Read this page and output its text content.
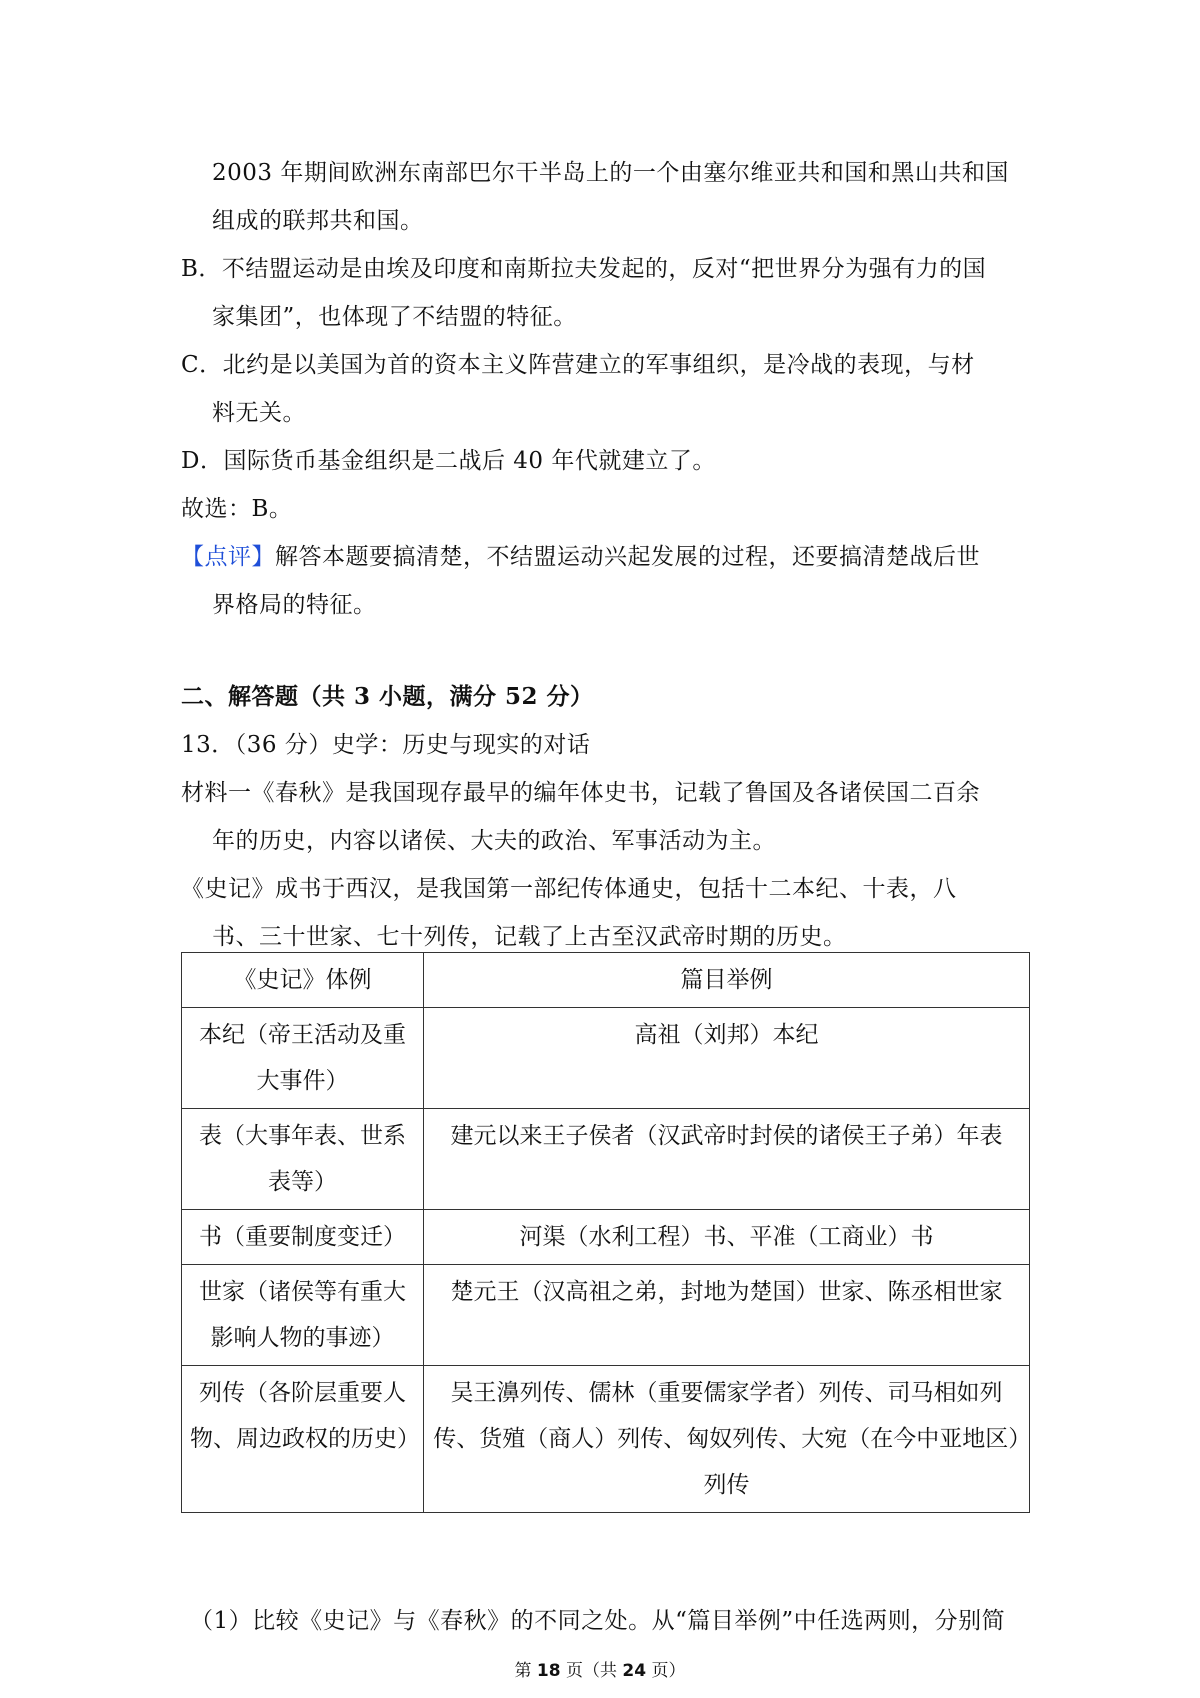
2003 年期间欧洲东南部巴尔干半岛上的一个由塞尔维亚共和国和黑山共和国
组成的联邦共和国。
B．不结盟运动是由埃及印度和南斯拉夫发起的，反对“把世界分为强有力的国
家集团”，也体现了不结盟的特征。
C．北约是以美国为首的资本主义阵营建立的军事组织，是冷战的表现，与材
料无关。
D．国际货币基金组织是二战后 40 年代就建立了。
故选：B。
【点评】解答本题要搞清楚，不结盟运动兴起发展的过程，还要搞清楚战后世
界格局的特征。
二、解答题（共 3 小题，满分 52 分）
13．（36 分）史学：历史与现实的对话
材料一《春秋》是我国现存最早的编年体史书，记载了鲁国及各诸侯国二百余
年的历史，内容以诸侯、大夫的政治、军事活动为主。
《史记》成书于西汉，是我国第一部纪传体通史，包括十二本纪、十表，八
书、三十世家、七十列传，记载了上古至汉武帝时期的历史。
《史记》体例	篇目举例
本纪（帝王活动及重大事件）	高祖（刘邦）本纪
表（大事年表、世系表等）	建元以来王子侯者（汉武帝时封侯的诸侯王子弟）年表
书（重要制度变迁）	河渠（水利工程）书、平准（工商业）书
世家（诸侯等有重大影响人物的事迹）	楚元王（汉高祖之弟，封地为楚国）世家、陈丞相世家
列传（各阶层重要人物、周边政权的历史）	吴王濞列传、儒林（重要儒家学者）列传、司马相如列传、货殖（商人）列传、匈奴列传、大宛（在今中亚地区）列传
（1）比较《史记》与《春秋》的不同之处。从“篇目举例”中任选两则，分别简
第 18 页（共 24 页）
